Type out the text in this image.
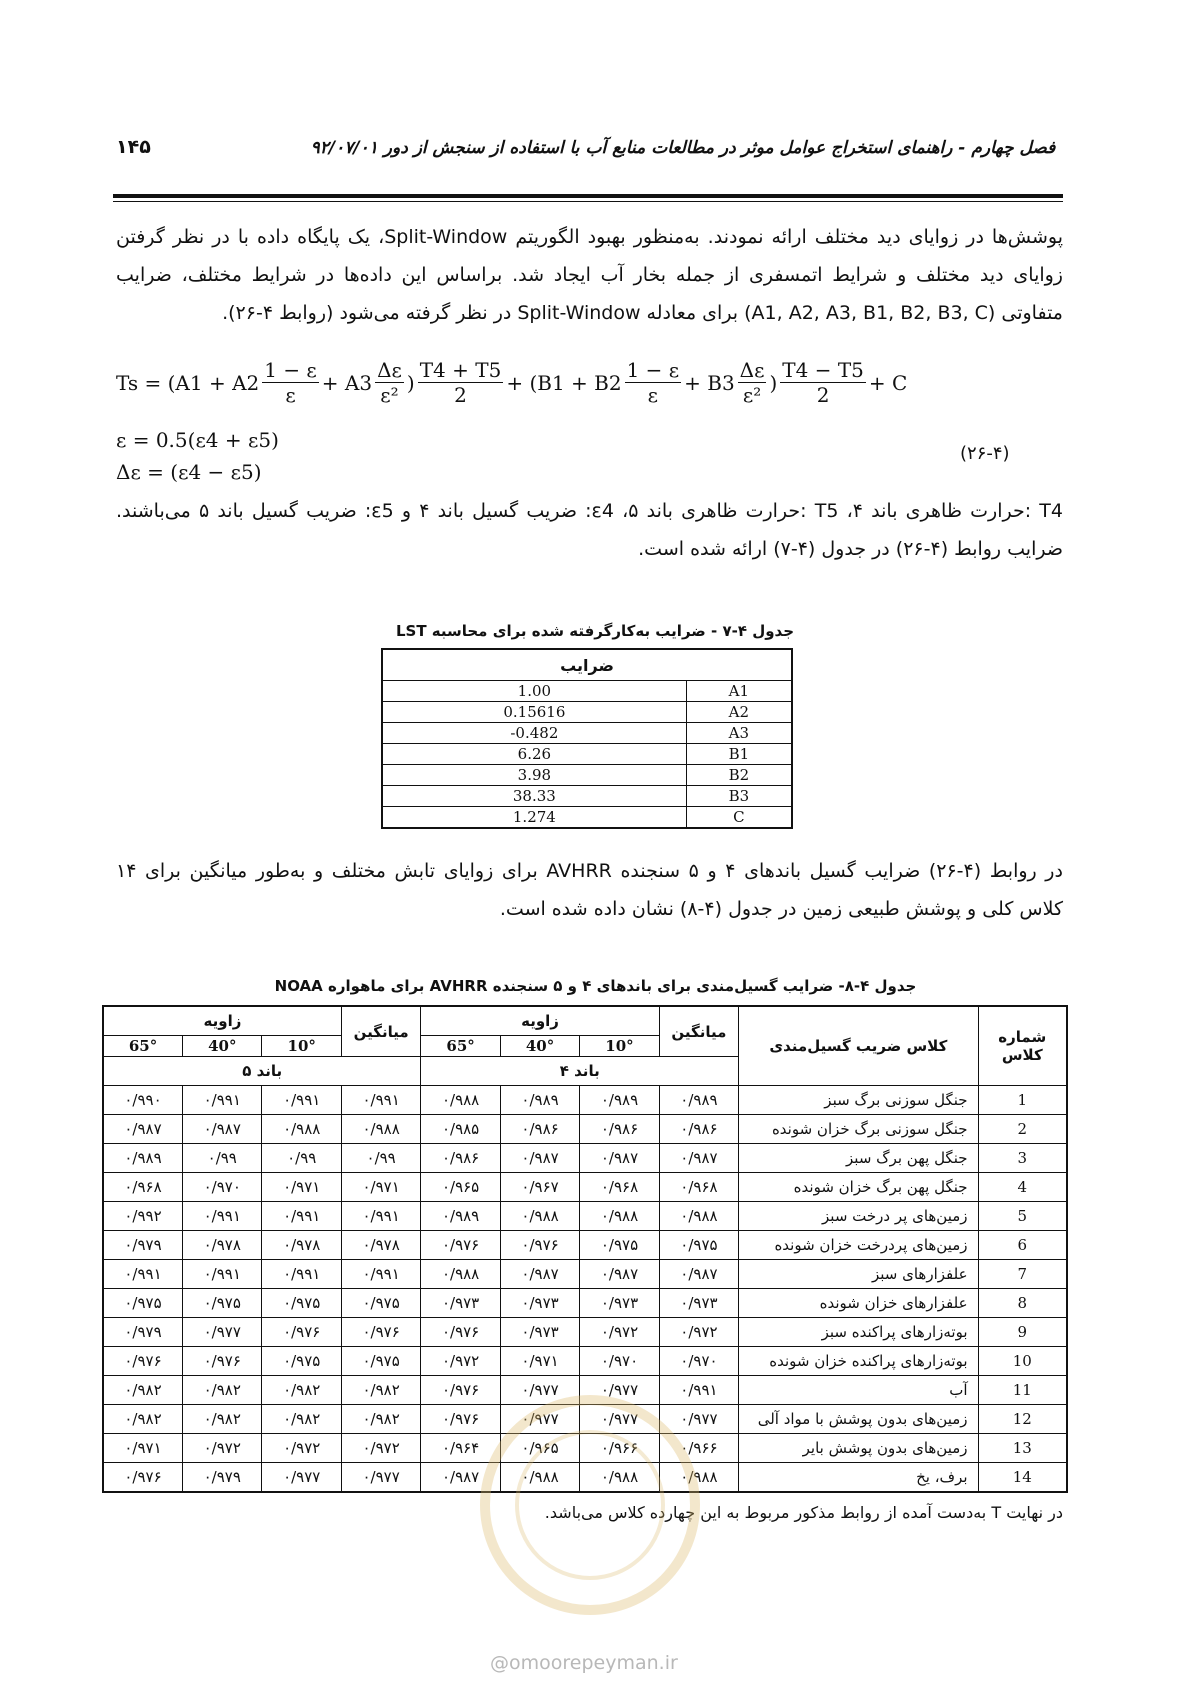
۱۴۵	فصل چهارم - راهنمای استخراج عوامل موثر در مطالعات منابع آب با استفاده از سنجش از دور ۹۲/۰۷/۰۱
پوشش‌ها در زوایای دید مختلف ارائه نمودند. به‌منظور بهبود الگوریتم Split-Window، یک پایگاه داده با در نظر گرفتن زوایای دید مختلف و شرایط اتمسفری از جمله بخار آب ایجاد شد. براساس این داده‌ها در شرایط مختلف، ضرایب متفاوتی (A1, A2, A3, B1, B2, B3, C) برای معادله Split-Window در نظر گرفته می‌شود (روابط ۴-۲۶).
$Ts = (A1 + A2 \frac{1 - \varepsilon}{\varepsilon} + A3 \frac{\Delta\varepsilon}{\text{ε²}}$ ) $\frac{T4 + T5}{2} + (B1 + B2 \frac{1 - \varepsilon}{\varepsilon} + B3 \frac{\Delta\varepsilon}{\text{ε²}}$ ) $\frac{T4 - T5}{2} + C$
ε = 0.5(ε4 + ε5)
Δε = (ε4 − ε5)
(۲۶-۴)
T4 :حرارت ظاهری باند ۴، T5 :حرارت ظاهری باند ۵، ε4: ضریب گسیل باند ۴ و ε5: ضریب گسیل باند ۵ می‌باشند. ضرایب روابط (۴-۲۶) در جدول (۴-۷) ارائه شده است.
جدول ۴-۷ - ضرایب به‌کارگرفته شده برای محاسبه LST
ضرایب	
1.00	A1
0.15616	A2
-0.482	A3
6.26	B1
3.98	B2
38.33	B3
1.274	C
در روابط (۴-۲۶) ضرایب گسیل باندهای ۴ و ۵ سنجنده AVHRR برای زوایای تابش مختلف و به‌طور میانگین برای ۱۴ کلاس کلی و پوشش طبیعی زمین در جدول (۴-۸) نشان داده شده است.
جدول ۴-۸- ضرایب گسیل‌مندی برای باندهای ۴ و ۵ سنجنده AVHRR برای ماهواره NOAA
شماره کلاس	کلاس ضریب گسیل‌مندی	میانگین	زاویه			میانگین	زاویه		
			10°	40°	65°		10°	40°	65°
		باند ۴				باند ۵			
1	جنگل سوزنی برگ سبز	۰/۹۸۹	۰/۹۸۹	۰/۹۸۹	۰/۹۸۸	۰/۹۹۱	۰/۹۹۱	۰/۹۹۱	۰/۹۹۰
2	جنگل سوزنی برگ خزان شونده	۰/۹۸۶	۰/۹۸۶	۰/۹۸۶	۰/۹۸۵	۰/۹۸۸	۰/۹۸۸	۰/۹۸۷	۰/۹۸۷
3	جنگل پهن برگ سبز	۰/۹۸۷	۰/۹۸۷	۰/۹۸۷	۰/۹۸۶	۰/۹۹	۰/۹۹	۰/۹۹	۰/۹۸۹
4	جنگل پهن برگ خزان شونده	۰/۹۶۸	۰/۹۶۸	۰/۹۶۷	۰/۹۶۵	۰/۹۷۱	۰/۹۷۱	۰/۹۷۰	۰/۹۶۸
5	زمین‌های پر درخت سبز	۰/۹۸۸	۰/۹۸۸	۰/۹۸۸	۰/۹۸۹	۰/۹۹۱	۰/۹۹۱	۰/۹۹۱	۰/۹۹۲
6	زمین‌های پردرخت خزان شونده	۰/۹۷۵	۰/۹۷۵	۰/۹۷۶	۰/۹۷۶	۰/۹۷۸	۰/۹۷۸	۰/۹۷۸	۰/۹۷۹
7	علفزارهای سبز	۰/۹۸۷	۰/۹۸۷	۰/۹۸۷	۰/۹۸۸	۰/۹۹۱	۰/۹۹۱	۰/۹۹۱	۰/۹۹۱
8	علفزارهای خزان شونده	۰/۹۷۳	۰/۹۷۳	۰/۹۷۳	۰/۹۷۳	۰/۹۷۵	۰/۹۷۵	۰/۹۷۵	۰/۹۷۵
9	بوته‌زارهای پراکنده سبز	۰/۹۷۲	۰/۹۷۲	۰/۹۷۳	۰/۹۷۶	۰/۹۷۶	۰/۹۷۶	۰/۹۷۷	۰/۹۷۹
10	بوته‌زارهای پراکنده خزان شونده	۰/۹۷۰	۰/۹۷۰	۰/۹۷۱	۰/۹۷۲	۰/۹۷۵	۰/۹۷۵	۰/۹۷۶	۰/۹۷۶
11	آب	۰/۹۹۱	۰/۹۷۷	۰/۹۷۷	۰/۹۷۶	۰/۹۸۲	۰/۹۸۲	۰/۹۸۲	۰/۹۸۲
12	زمین‌های بدون پوشش با مواد آلی	۰/۹۷۷	۰/۹۷۷	۰/۹۷۷	۰/۹۷۶	۰/۹۸۲	۰/۹۸۲	۰/۹۸۲	۰/۹۸۲
13	زمین‌های بدون پوشش بایر	۰/۹۶۶	۰/۹۶۶	۰/۹۶۵	۰/۹۶۴	۰/۹۷۲	۰/۹۷۲	۰/۹۷۲	۰/۹۷۱
14	برف، یخ	۰/۹۸۸	۰/۹۸۸	۰/۹۸۸	۰/۹۸۷	۰/۹۷۷	۰/۹۷۷	۰/۹۷۹	۰/۹۷۶
در نهایت T به‌دست آمده از روابط مذکور مربوط به این چهارده کلاس می‌باشد.
@omoorepeyman.ir
